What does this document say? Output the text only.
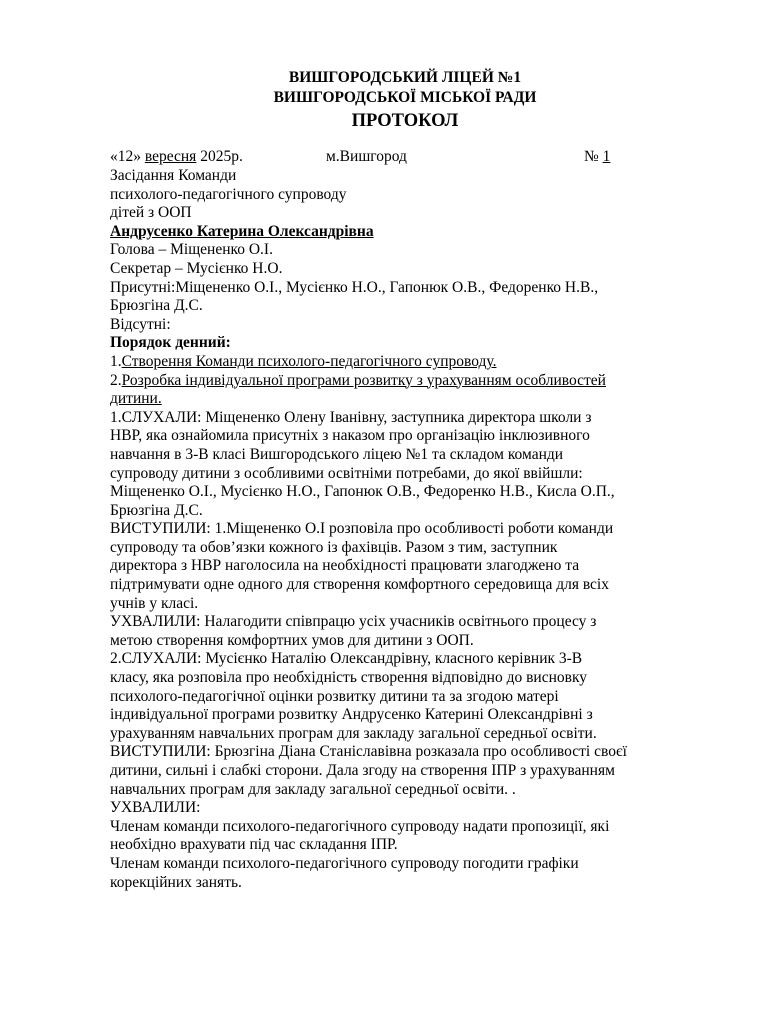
ВИШГОРОДСЬКИЙ ЛІЦЕЙ №1
ВИШГОРОДСЬКОЇ МІСЬКОЇ РАДИ
ПРОТОКОЛ
«12» вересня 2025р.	м.Вишгород	№ 1

Засідання Команди

психолого-педагогічного супроводу

дітей з ООП

Андрусенко Катерина Олександрівна

Голова – Міщененко О.І.

Секретар – Мусієнко Н.О.

Присутні:Міщененко О.І., Мусієнко Н.О., Гапонюк О.В., Федоренко Н.В.,

Брюзгіна Д.С.

Відсутні:

Порядок денний:

1.Створення Команди психолого-педагогічного супроводу.

2.Розробка індивідуальної програми розвитку з урахуванням особливостей

дитини.

1.СЛУХАЛИ: Міщененко Олену Іванівну, заступника директора школи з

НВР, яка ознайомила присутніх з наказом про організацію інклюзивного

навчання в 3-В класі Вишгородського ліцею №1 та складом команди

супроводу дитини з особливими освітніми потребами, до якої ввійшли:

Міщененко О.І., Мусієнко Н.О., Гапонюк О.В., Федоренко Н.В., Кисла О.П.,

Брюзгіна Д.С.

ВИСТУПИЛИ: 1.Міщененко О.І розповіла про особливості роботи команди

супроводу та обов’язки кожного із фахівців. Разом з тим, заступник

директора з НВР наголосила на необхідності працювати злагоджено та

підтримувати одне одного для створення комфортного середовища для всіх

учнів у класі.

УХВАЛИЛИ: Налагодити співпрацю усіх учасників освітнього процесу з

метою створення комфортних умов для дитини з ООП.

2.СЛУХАЛИ: Мусієнко Наталію Олександрівну, класного керівник 3-В

класу, яка розповіла про необхідність створення відповідно до висновку

психолого-педагогічної оцінки розвитку дитини та за згодою матері

індивідуальної програми розвитку Андрусенко Катерині Олександрівні з

урахуванням навчальних програм для закладу загальної середньої освіти.

ВИСТУПИЛИ: Брюзгіна Діана Станіславівна розказала про особливості своєї

дитини, сильні і слабкі сторони. Дала згоду на створення ІПР з урахуванням

навчальних програм для закладу загальної середньої освіти. .

УХВАЛИЛИ:

Членам команди психолого-педагогічного супроводу надати пропозиції, які

необхідно врахувати під час складання ІПР.

Членам команди психолого-педагогічного супроводу погодити графіки

корекційних занять.
